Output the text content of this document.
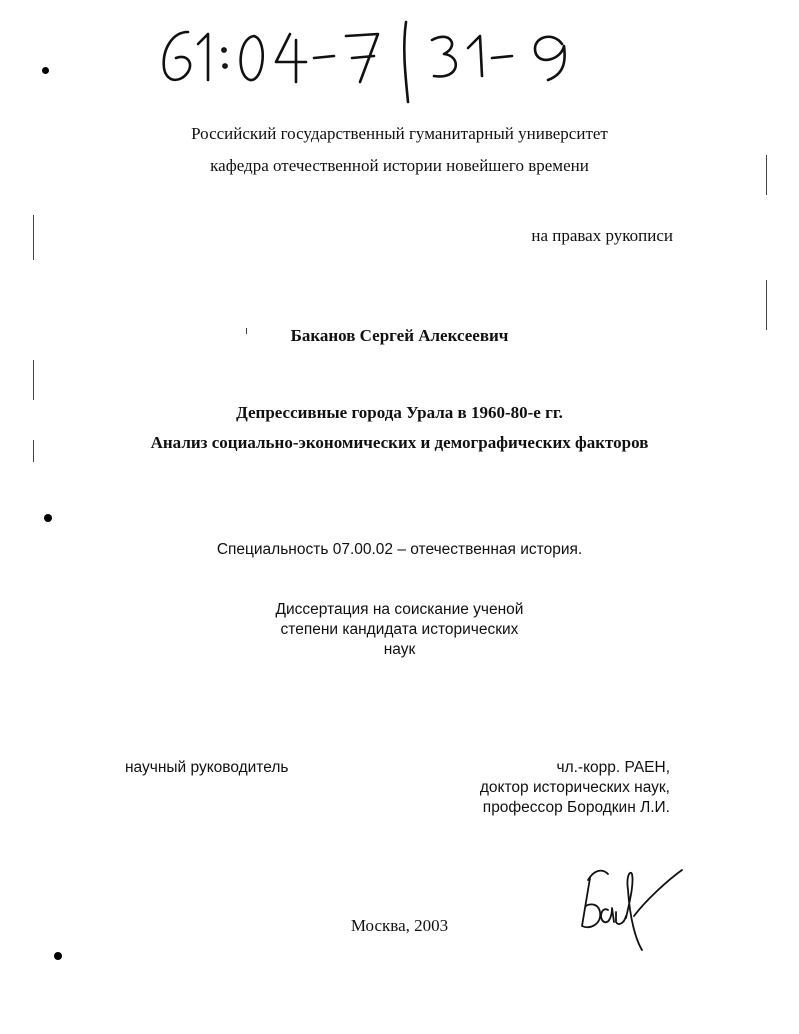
Российский государственный гуманитарный университет
кафедра отечественной истории новейшего времени
на правах рукописи
Баканов Сергей Алексеевич
Депрессивные города Урала в 1960-80-е гг.
Анализ социально-экономических и демографических факторов
Специальность 07.00.02 – отечественная история.
Диссертация на соискание ученой
степени кандидата исторических
наук
научный руководитель	чл.-корр. РАЕН,
доктор исторических наук,
профессор Бородкин Л.И.
Москва, 2003
